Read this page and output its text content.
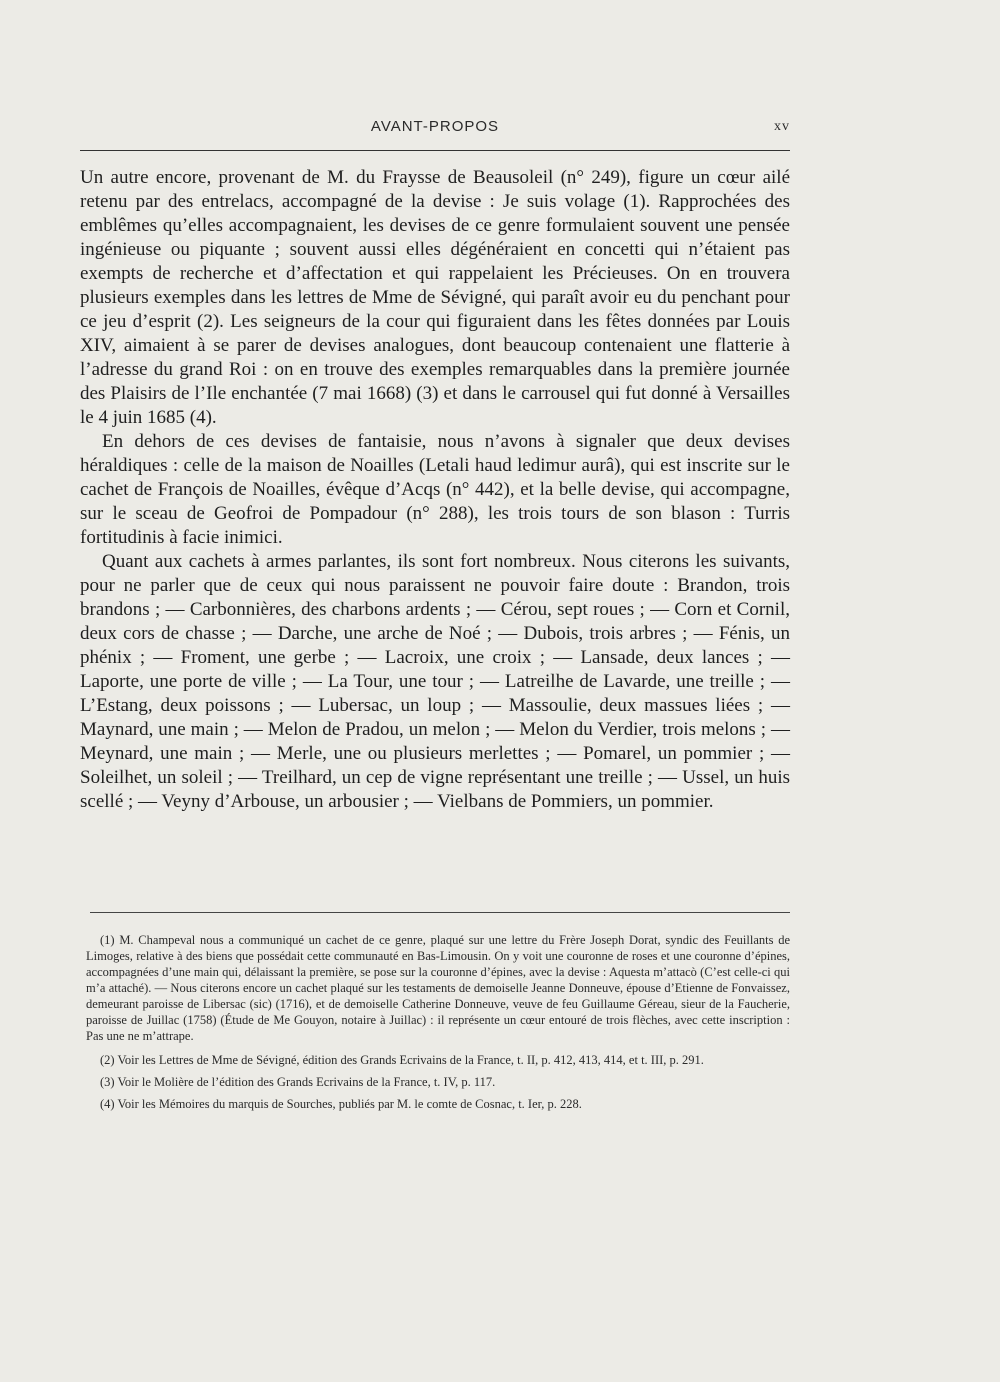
AVANT-PROPOS	xv

Un autre encore, provenant de M. du Fraysse de Beausoleil (n° 249), figure un cœur ailé retenu par des entrelacs, accompagné de la devise : Je suis volage (1). Rapprochées des emblêmes qu’elles accompagnaient, les devises de ce genre formulaient souvent une pensée ingénieuse ou piquante ; souvent aussi elles dégénéraient en concetti qui n’étaient pas exempts de recherche et d’affectation et qui rappelaient les Précieuses. On en trouvera plusieurs exemples dans les lettres de Mme de Sévigné, qui paraît avoir eu du penchant pour ce jeu d’esprit (2). Les seigneurs de la cour qui figuraient dans les fêtes données par Louis XIV, aimaient à se parer de devises analogues, dont beaucoup contenaient une flatterie à l’adresse du grand Roi : on en trouve des exemples remarquables dans la première journée des Plaisirs de l’Ile enchantée (7 mai 1668) (3) et dans le carrousel qui fut donné à Versailles le 4 juin 1685 (4).

En dehors de ces devises de fantaisie, nous n’avons à signaler que deux devises héraldiques : celle de la maison de Noailles (Letali haud ledimur aurâ), qui est inscrite sur le cachet de François de Noailles, évêque d’Acqs (n° 442), et la belle devise, qui accompagne, sur le sceau de Geofroi de Pompadour (n° 288), les trois tours de son blason : Turris fortitudinis à facie inimici.

Quant aux cachets à armes parlantes, ils sont fort nombreux. Nous citerons les suivants, pour ne parler que de ceux qui nous paraissent ne pouvoir faire doute : Brandon, trois brandons ; — Carbonnières, des charbons ardents ; — Cérou, sept roues ; — Corn et Cornil, deux cors de chasse ; — Darche, une arche de Noé ; — Dubois, trois arbres ; — Fénis, un phénix ; — Froment, une gerbe ; — Lacroix, une croix ; — Lansade, deux lances ; — Laporte, une porte de ville ; — La Tour, une tour ; — Latreilhe de Lavarde, une treille ; — L’Estang, deux poissons ; — Lubersac, un loup ; — Massoulie, deux massues liées ; — Maynard, une main ; — Melon de Pradou, un melon ; — Melon du Verdier, trois melons ; — Meynard, une main ; — Merle, une ou plusieurs merlettes ; — Pomarel, un pommier ; — Soleilhet, un soleil ; — Treilhard, un cep de vigne représentant une treille ; — Ussel, un huis scellé ; — Veyny d’Arbouse, un arbousier ; — Vielbans de Pommiers, un pommier.

(1) M. Champeval nous a communiqué un cachet de ce genre, plaqué sur une lettre du Frère Joseph Dorat, syndic des Feuillants de Limoges, relative à des biens que possédait cette communauté en Bas-Limousin. On y voit une couronne de roses et une couronne d’épines, accompagnées d’une main qui, délaissant la première, se pose sur la couronne d’épines, avec la devise : Aquesta m’attacò (C’est celle-ci qui m’a attaché). — Nous citerons encore un cachet plaqué sur les testaments de demoiselle Jeanne Donneuve, épouse d’Etienne de Fonvaissez, demeurant paroisse de Libersac (sic) (1716), et de demoiselle Catherine Donneuve, veuve de feu Guillaume Géreau, sieur de la Faucherie, paroisse de Juillac (1758) (Étude de Me Gouyon, notaire à Juillac) : il représente un cœur entouré de trois flèches, avec cette inscription : Pas une ne m’attrape.

(2) Voir les Lettres de Mme de Sévigné, édition des Grands Ecrivains de la France, t. II, p. 412, 413, 414, et t. III, p. 291.

(3) Voir le Molière de l’édition des Grands Ecrivains de la France, t. IV, p. 117.

(4) Voir les Mémoires du marquis de Sourches, publiés par M. le comte de Cosnac, t. Ier, p. 228.
